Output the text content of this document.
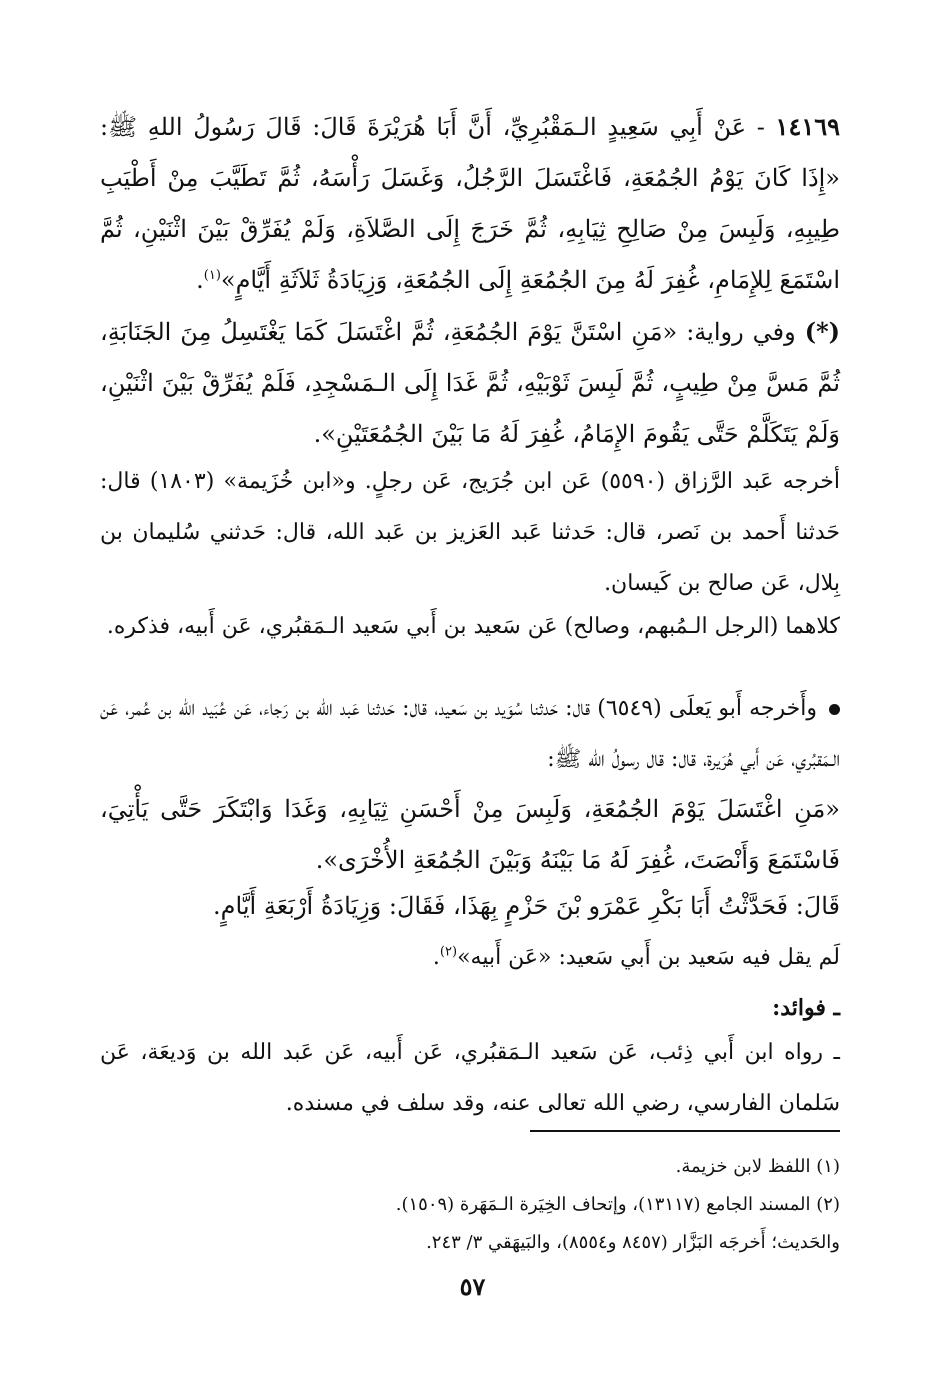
١٤١٦٩ - عَنْ أَبِي سَعِيدٍ الـمَقْبُرِيِّ، أَنَّ أَبَا هُرَيْرَةَ قَالَ: قَالَ رَسُولُ اللهِ ﷺ: «إِذَا كَانَ يَوْمُ الجُمُعَةِ، فَاغْتَسَلَ الرَّجُلُ، وَغَسَلَ رَأْسَهُ، ثُمَّ تَطَيَّبَ مِنْ أَطْيَبِ طِيبِهِ، وَلَبِسَ مِنْ صَالِحِ ثِيَابِهِ، ثُمَّ خَرَجَ إِلَى الصَّلاَةِ، وَلَمْ يُفَرِّقْ بَيْنَ اثْنَيْنِ، ثُمَّ اسْتَمَعَ لِلإِمَامِ، غُفِرَ لَهُ مِنَ الجُمُعَةِ إِلَى الجُمُعَةِ، وَزِيَادَةُ ثَلاَثَةِ أَيَّامٍ»$^{(١)}$.

(*) وفي رواية: «مَنِ اسْتَنَّ يَوْمَ الجُمُعَةِ، ثُمَّ اغْتَسَلَ كَمَا يَغْتَسِلُ مِنَ الجَنَابَةِ، ثُمَّ مَسَّ مِنْ طِيبٍ، ثُمَّ لَبِسَ ثَوْبَيْهِ، ثُمَّ غَدَا إِلَى الـمَسْجِدِ، فَلَمْ يُفَرِّقْ بَيْنَ اثْنَيْنِ، وَلَمْ يَتَكَلَّمْ حَتَّى يَقُومَ الإِمَامُ، غُفِرَ لَهُ مَا بَيْنَ الجُمُعَتَيْنِ».

أخرجه عَبد الرَّزاق (٥٥٩٠) عَن ابن جُرَيج، عَن رجلٍ. و«ابن خُزَيمة» (١٨٠٣) قال: حَدثنا أَحمد بن نَصر، قال: حَدثنا عَبد العَزيز بن عَبد الله، قال: حَدثني سُليمان بن بِلال، عَن صالح بن كَيسان.

كلاهما (الرجل الـمُبهم، وصالح) عَن سَعيد بن أَبي سَعيد الـمَقبُري، عَن أَبيه، فذكره.

وأَخرجه أَبو يَعلَى (٦٥٤٩) قال: حَدثنا سُوَيد بن سَعيد، قال: حَدثنا عَبد الله بن رَجاء، عَن عُبَيد الله بن عُمر، عَن الـمَقبُري، عَن أَبي هُرَيرة، قال: قال رسولُ الله ﷺ:

«مَنِ اغْتَسَلَ يَوْمَ الجُمُعَةِ، وَلَبِسَ مِنْ أَحْسَنِ ثِيَابِهِ، وَغَدَا وَابْتَكَرَ حَتَّى يَأْتِيَ، فَاسْتَمَعَ وَأَنْصَتَ، غُفِرَ لَهُ مَا بَيْنَهُ وَبَيْنَ الجُمُعَةِ الأُخْرَى».

قَالَ: فَحَدَّثْتُ أَبَا بَكْرِ عَمْرَو بْنَ حَزْمٍ بِهَذَا، فَقَالَ: وَزِيَادَةُ أَرْبَعَةِ أَيَّامٍ.

لَم يقل فيه سَعيد بن أَبي سَعيد: «عَن أَبيه»$^{(٢)}$.

ـ فوائد:

ـ رواه ابن أَبي ذِئب، عَن سَعيد الـمَقبُري، عَن أَبيه، عَن عَبد الله بن وَديعَة، عَن سَلمان الفارسي، رضي الله تعالى عنه، وقد سلف في مسنده.

(١) اللفظ لابن خزيمة.

(٢) المسند الجامع (١٣١١٧)، وإتحاف الخِيَرة الـمَهَرة (١٥٠٩).

والحَديث؛ أَخرجَه البَزَّار (٨٤٥٧ و٨٥٥٤)، والبَيهَقي ٣/ ٢٤٣.

٥٧
